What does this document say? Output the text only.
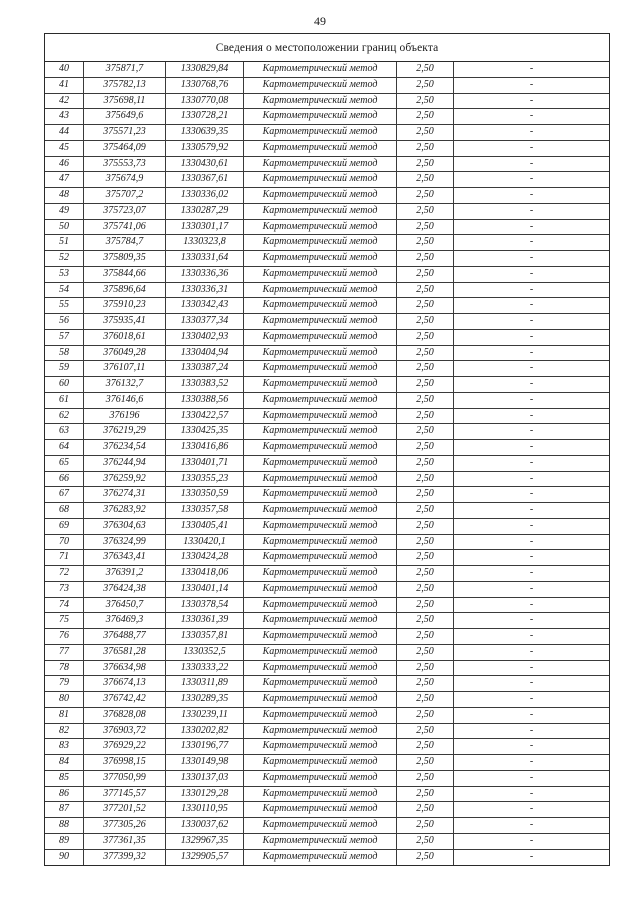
49
Сведения о местоположении границ объекта
40	375871,7	1330829,84	Картометрический метод	2,50	-
41	375782,13	1330768,76	Картометрический метод	2,50	-
42	375698,11	1330770,08	Картометрический метод	2,50	-
43	375649,6	1330728,21	Картометрический метод	2,50	-
44	375571,23	1330639,35	Картометрический метод	2,50	-
45	375464,09	1330579,92	Картометрический метод	2,50	-
46	375553,73	1330430,61	Картометрический метод	2,50	-
47	375674,9	1330367,61	Картометрический метод	2,50	-
48	375707,2	1330336,02	Картометрический метод	2,50	-
49	375723,07	1330287,29	Картометрический метод	2,50	-
50	375741,06	1330301,17	Картометрический метод	2,50	-
51	375784,7	1330323,8	Картометрический метод	2,50	-
52	375809,35	1330331,64	Картометрический метод	2,50	-
53	375844,66	1330336,36	Картометрический метод	2,50	-
54	375896,64	1330336,31	Картометрический метод	2,50	-
55	375910,23	1330342,43	Картометрический метод	2,50	-
56	375935,41	1330377,34	Картометрический метод	2,50	-
57	376018,61	1330402,93	Картометрический метод	2,50	-
58	376049,28	1330404,94	Картометрический метод	2,50	-
59	376107,11	1330387,24	Картометрический метод	2,50	-
60	376132,7	1330383,52	Картометрический метод	2,50	-
61	376146,6	1330388,56	Картометрический метод	2,50	-
62	376196	1330422,57	Картометрический метод	2,50	-
63	376219,29	1330425,35	Картометрический метод	2,50	-
64	376234,54	1330416,86	Картометрический метод	2,50	-
65	376244,94	1330401,71	Картометрический метод	2,50	-
66	376259,92	1330355,23	Картометрический метод	2,50	-
67	376274,31	1330350,59	Картометрический метод	2,50	-
68	376283,92	1330357,58	Картометрический метод	2,50	-
69	376304,63	1330405,41	Картометрический метод	2,50	-
70	376324,99	1330420,1	Картометрический метод	2,50	-
71	376343,41	1330424,28	Картометрический метод	2,50	-
72	376391,2	1330418,06	Картометрический метод	2,50	-
73	376424,38	1330401,14	Картометрический метод	2,50	-
74	376450,7	1330378,54	Картометрический метод	2,50	-
75	376469,3	1330361,39	Картометрический метод	2,50	-
76	376488,77	1330357,81	Картометрический метод	2,50	-
77	376581,28	1330352,5	Картометрический метод	2,50	-
78	376634,98	1330333,22	Картометрический метод	2,50	-
79	376674,13	1330311,89	Картометрический метод	2,50	-
80	376742,42	1330289,35	Картометрический метод	2,50	-
81	376828,08	1330239,11	Картометрический метод	2,50	-
82	376903,72	1330202,82	Картометрический метод	2,50	-
83	376929,22	1330196,77	Картометрический метод	2,50	-
84	376998,15	1330149,98	Картометрический метод	2,50	-
85	377050,99	1330137,03	Картометрический метод	2,50	-
86	377145,57	1330129,28	Картометрический метод	2,50	-
87	377201,52	1330110,95	Картометрический метод	2,50	-
88	377305,26	1330037,62	Картометрический метод	2,50	-
89	377361,35	1329967,35	Картометрический метод	2,50	-
90	377399,32	1329905,57	Картометрический метод	2,50	-
